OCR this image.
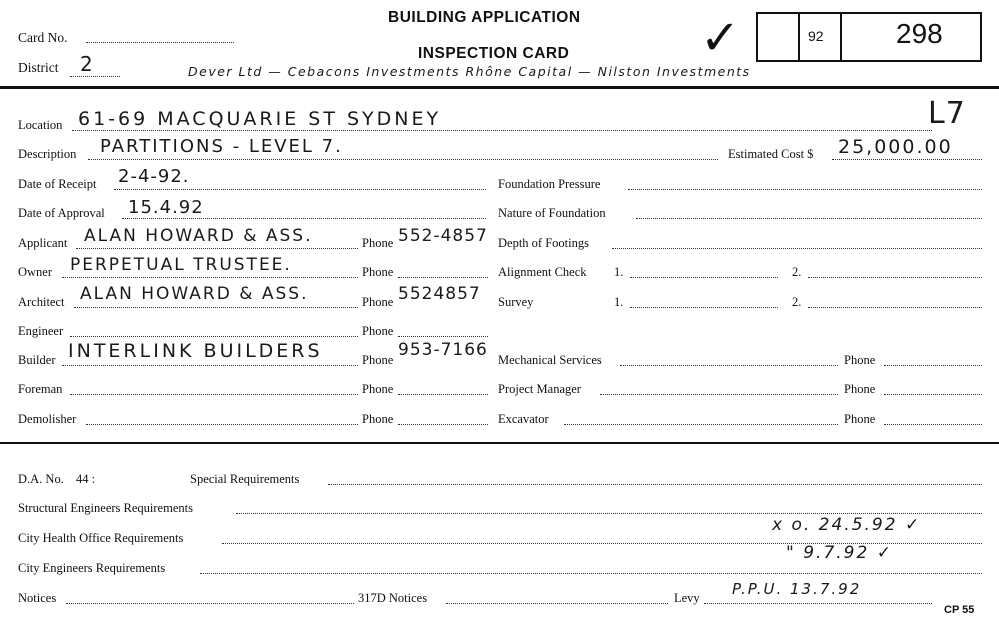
Card No.
District 2	Dever Ltd — Cebacons Investments Rhône Capital — Nilston Investments
BUILDING APPLICATION
INSPECTION CARD	✓	92	298
L7
Location 61-69 MACQUARIE ST SYDNEY
Description PARTITIONS - LEVEL 7.	Estimated Cost $ 25,000.00
Date of Receipt 2-4-92.
Date of Approval 15.4.92
Applicant ALAN HOWARD & ASS.	Phone 552-4857
Owner PERPETUAL TRUSTEE.	Phone
Architect ALAN HOWARD & ASS.	Phone 5524857
Engineer	Phone
Builder INTERLINK BUILDERS	Phone 953-7166
Foreman	Phone
Demolisher	Phone
Foundation Pressure
Nature of Foundation
Depth of Footings
Alignment Check 1.	2.
Survey	1.	2.
Mechanical Services	Phone
Project Manager	Phone
Excavator	Phone
D.A. No. 44 :	Special Requirements
Structural Engineers Requirements
City Health Office Requirements
x o. 24.5.92 ✓
City Engineers Requirements
" 9.7.92 ✓
Notices	317D Notices	Levy P.P.U. 13.7.92
CP 55
